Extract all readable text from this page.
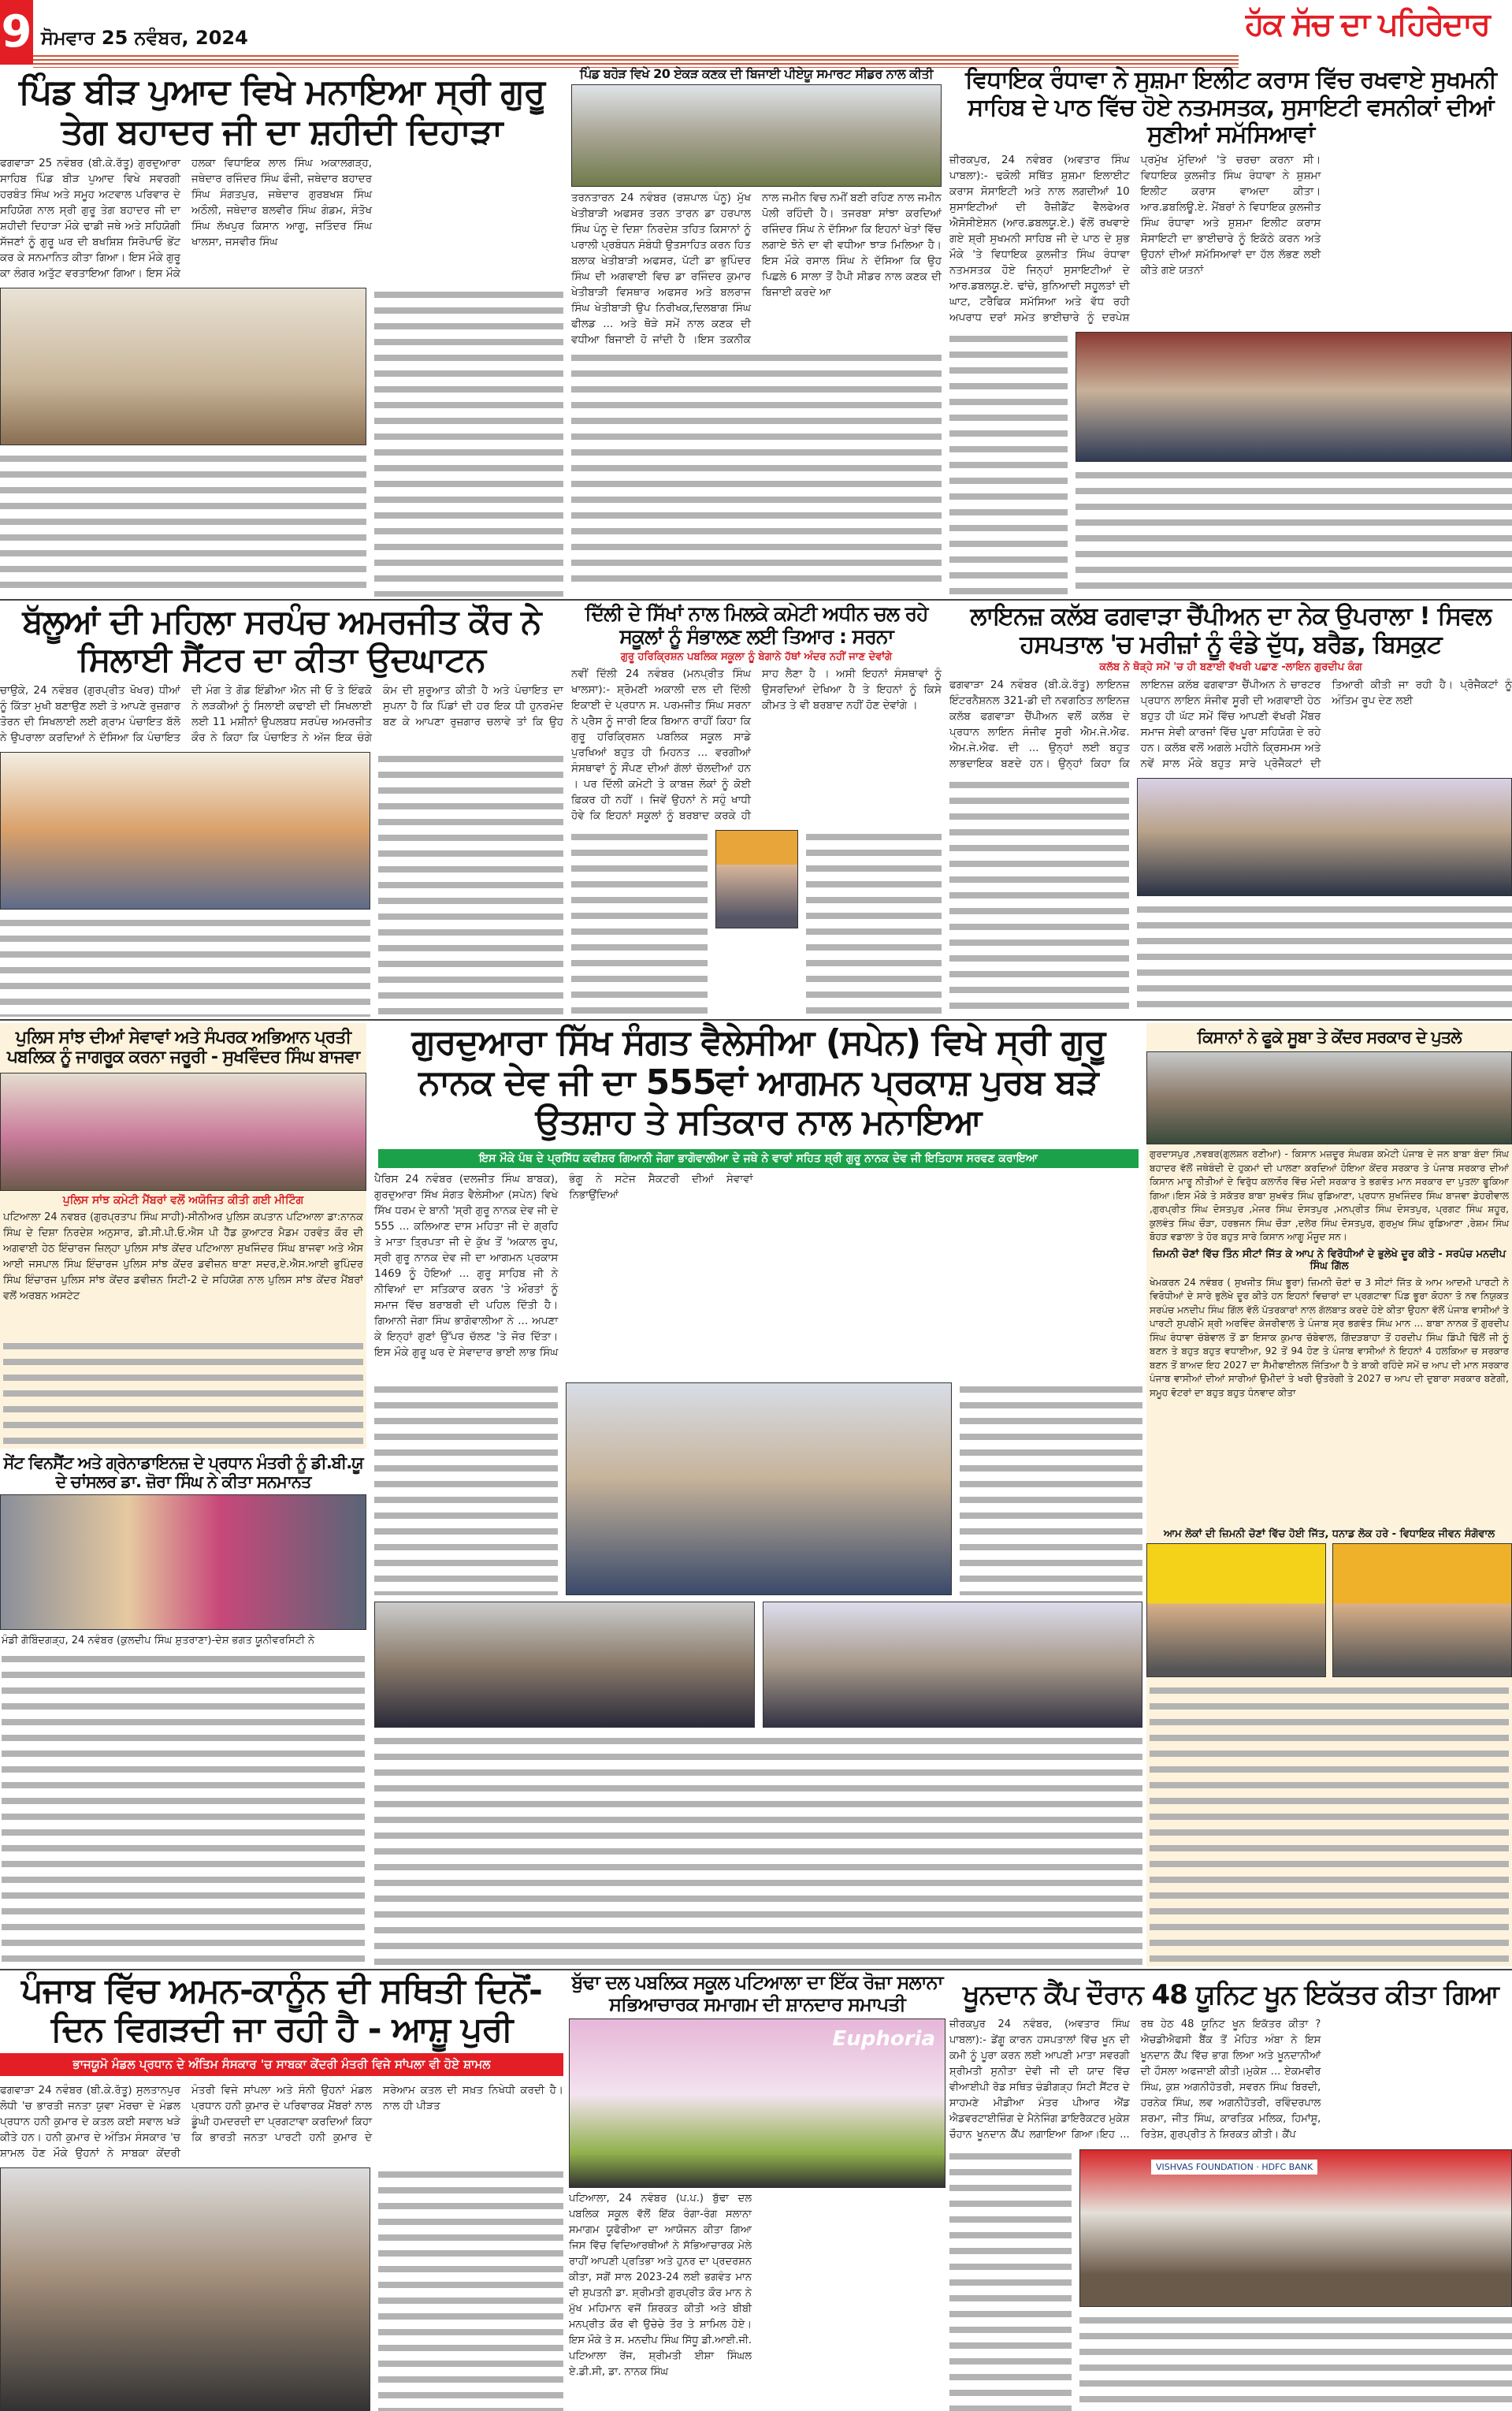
9 ਸੋਮਵਾਰ 25 ਨਵੰਬਰ, 2024	ਹੱਕ ਸੱਚ ਦਾ ਪਹਿਰੇਦਾਰ
ਪਿੰਡ ਬੀੜ ਪੁਆਦ ਵਿਖੇ ਮਨਾਇਆ ਸ੍ਰੀ ਗੁਰੂ ਤੇਗ ਬਹਾਦਰ ਜੀ ਦਾ ਸ਼ਹੀਦੀ ਦਿਹਾੜਾ
ਫਗਵਾੜਾ 25 ਨਵੰਬਰ (ਬੀ.ਕੇ.ਰੱਤੂ) ਗੁਰਦੁਆਰਾ ਸਾਹਿਬ ਪਿੰਡ ਬੀੜ ਪੁਆਦ ਵਿਖੇ ਸਵਰਗੀ ਹਰਬੰਤ ਸਿੰਘ ਅਤੇ ਸਮੂਹ ਅਟਵਾਲ ਪਰਿਵਾਰ ਦੇ ਸਹਿਯੋਗ ਨਾਲ ਸ੍ਰੀ ਗੁਰੂ ਤੇਗ ਬਹਾਦਰ ਜੀ ਦਾ ਸ਼ਹੀਦੀ ਦਿਹਾੜਾ ਮੌਕੇ ਢਾਡੀ ਜਥੇ ਅਤੇ ਸਹਿਯੋਗੀ ਸੱਜਣਾਂ ਨੂੰ ਗੁਰੂ ਘਰ ਦੀ ਬਖਸ਼ਿਸ਼ ਸਿਰੋਪਾਓ ਭੇਂਟ ਕਰ ਕੇ ਸਨਮਾਨਿਤ ਕੀਤਾ ਗਿਆ। ਇਸ ਮੌਕੇ ਗੁਰੂ ਕਾ ਲੰਗਰ ਅਤੁੱਟ ਵਰਤਾਇਆ ਗਿਆ। ਇਸ ਮੌਕੇ ਹਲਕਾ ਵਿਧਾਇਕ ਲਾਲ ਸਿੰਘ ਅਕਾਲਗੜ੍ਹ, ਜਥੇਦਾਰ ਰਜਿੰਦਰ ਸਿੰਘ ਫੌਜੀ, ਜਥੇਦਾਰ ਬਹਾਦਰ ਸਿੰਘ ਸੰਗਤਪੁਰ, ਜਥੇਦਾਰ ਗੁਰਬਖਸ਼ ਸਿੰਘ ਅਠੌਲੀ, ਜਥੇਦਾਰ ਬਲਵੀਰ ਸਿੰਘ ਗੰਡਮ, ਸੰਤੋਖ ਸਿੰਘ ਲੱਖਪੁਰ ਕਿਸਾਨ ਆਗੂ, ਜਤਿੰਦਰ ਸਿੰਘ ਖਾਲਸਾ, ਜਸਵੀਰ ਸਿੰਘ
ਪਿੰਡ ਬਹੋੜ ਵਿਖੇ 20 ਏਕੜ ਕਣਕ ਦੀ ਬਿਜਾਈ ਪੀਏਯੂ ਸਮਾਰਟ ਸੀਡਰ ਨਾਲ ਕੀਤੀ
ਤਰਨਤਾਰਨ 24 ਨਵੰਬਰ (ਰਸ਼ਪਾਲ ਪੰਨੂ) ਮੁੱਖ ਖੇਤੀਬਾੜੀ ਅਫਸਰ ਤਰਨ ਤਾਰਨ ਡਾ ਹਰਪਾਲ ਸਿੰਘ ਪੰਨੂ ਦੇ ਦਿਸ਼ਾ ਨਿਰਦੇਸ਼ ਤਹਿਤ ਕਿਸਾਨਾਂ ਨੂੰ ਪਰਾਲੀ ਪ੍ਰਬੰਧਨ ਸੰਬੰਧੀ ਉਤਸਾਹਿਤ ਕਰਨ ਹਿਤ ਬਲਾਕ ਖੇਤੀਬਾੜੀ ਅਫਸਰ, ਪੱਟੀ ਡਾ ਭੁਪਿੰਦਰ ਸਿੰਘ ਦੀ ਅਗਵਾਈ ਵਿਚ ਡਾ ਰਜਿੰਦਰ ਕੁਮਾਰ ਖੇਤੀਬਾੜੀ ਵਿਸਥਾਰ ਅਫਸਰ ਅਤੇ ਬਲਰਾਜ ਸਿੰਘ ਖੇਤੀਬਾੜੀ ਉਪ ਨਿਰੀਖਕ,ਦਿਲਬਾਗ ਸਿੰਘ ਫੀਲਡ ... ਅਤੇ ਥੋੜੇ ਸਮੇਂ ਨਾਲ ਕਣਕ ਦੀ ਵਧੀਆ ਬਿਜਾਈ ਹੋ ਜਾਂਦੀ ਹੈ ।ਇਸ ਤਕਨੀਕ ਨਾਲ ਜਮੀਨ ਵਿਚ ਨਮੀਂ ਬਣੀ ਰਹਿਣ ਨਾਲ ਜਮੀਨ ਪੋਲੀ ਰਹਿੰਦੀ ਹੈ। ਤਜਰਬਾ ਸਾਂਝਾ ਕਰਦਿਆਂ ਰਜਿੰਦਰ ਸਿੰਘ ਨੇ ਦੱਸਿਆ ਕਿ ਇਹਨਾਂ ਖੇਤਾਂ ਵਿੱਚ ਲਗਾਏ ਝੋਨੇ ਦਾ ਵੀ ਵਧੀਆ ਝਾੜ ਮਿਲਿਆ ਹੈ। ਇਸ ਮੌਕੇ ਰਸਾਲ ਸਿੰਘ ਨੇ ਦੱਸਿਆ ਕਿ ਉਹ ਪਿਛਲੇ 6 ਸਾਲਾ ਤੋਂ ਹੈਪੀ ਸੀਡਰ ਨਾਲ ਕਣਕ ਦੀ ਬਿਜਾਈ ਕਰਦੇ ਆ
ਵਿਧਾਇਕ ਰੰਧਾਵਾ ਨੇ ਸੁਸ਼ਮਾ ਇਲੀਟ ਕਰਾਸ ਵਿੱਚ ਰਖਵਾਏ ਸੁਖਮਨੀ ਸਾਹਿਬ ਦੇ ਪਾਠ ਵਿੱਚ ਹੋਏ ਨਤਮਸਤਕ, ਸੁਸਾਇਟੀ ਵਸਨੀਕਾਂ ਦੀਆਂ ਸੁਣੀਆਂ ਸਮੱਸਿਆਵਾਂ
ਜ਼ੀਰਕਪੁਰ, 24 ਨਵੰਬਰ (ਅਵਤਾਰ ਸਿੰਘ ਪਾਬਲਾ):- ਢਕੋਲੀ ਸਥਿੱਤ ਸ਼ੁਸ਼ਮਾ ਇਲਾਈਟ ਕਰਾਸ ਸੋਸਾਇਟੀ ਅਤੇ ਨਾਲ ਲਗਦੀਆਂ 10 ਸੁਸਾਇਟੀਆਂ ਦੀ ਰੈਜ਼ੀਡੈਂਟ ਵੈਲਫੇਅਰ ਐਸੋਸੀਏਸ਼ਨ (ਆਰ.ਡਬਲਯੂ.ਏ.) ਵੱਲੋਂ ਰਖਵਾਏ ਗਏ ਸ਼੍ਰੀ ਸੁਖਮਨੀ ਸਾਹਿਬ ਜੀ ਦੇ ਪਾਠ ਦੇ ਸ਼ੁਭ ਮੌਕੇ 'ਤੇ ਵਿਧਾਇਕ ਕੁਲਜੀਤ ਸਿੰਘ ਰੰਧਾਵਾ ਨਤਮਸਤਕ ਹੋਏ ਜਿਨ੍ਹਾਂ ਸੁਸਾਇਟੀਆਂ ਦੇ ਆਰ.ਡਬਲਯੂ.ਏ. ਢਾਂਚੇ, ਬੁਨਿਆਦੀ ਸਹੂਲਤਾਂ ਦੀ ਘਾਟ, ਟਰੈਫਿਕ ਸਮੱਸਿਆ ਅਤੇ ਵੱਧ ਰਹੀ ਅਪਰਾਧ ਦਰਾਂ ਸਮੇਤ ਭਾਈਚਾਰੇ ਨੂੰ ਦਰਪੇਸ਼ ਪ੍ਰਮੁੱਖ ਮੁੱਦਿਆਂ 'ਤੇ ਚਰਚਾ ਕਰਨਾ ਸੀ। ਵਿਧਾਇਕ ਕੁਲਜੀਤ ਸਿੰਘ ਰੰਧਾਵਾ ਨੇ ਸ਼ੁਸ਼ਮਾ ਇਲੀਟ ਕਰਾਸ ਵਾਅਦਾ ਕੀਤਾ। ਆਰ.ਡਬਲਿਊ.ਏ. ਮੈਂਬਰਾਂ ਨੇ ਵਿਧਾਇਕ ਕੁਲਜੀਤ ਸਿੰਘ ਰੰਧਾਵਾ ਅਤੇ ਸ਼ੁਸ਼ਮਾ ਇਲੀਟ ਕਰਾਸ ਸੋਸਾਇਟੀ ਦਾ ਭਾਈਚਾਰੇ ਨੂੰ ਇਕੱਠੇ ਕਰਨ ਅਤੇ ਉਹਨਾਂ ਦੀਆਂ ਸਮੱਸਿਆਵਾਂ ਦਾ ਹੱਲ ਲੱਭਣ ਲਈ ਕੀਤੇ ਗਏ ਯਤਨਾਂ
ਬੱਲੂਆਂ ਦੀ ਮਹਿਲਾ ਸਰਪੰਚ ਅਮਰਜੀਤ ਕੌਰ ਨੇ ਸਿਲਾਈ ਸੈਂਟਰ ਦਾ ਕੀਤਾ ਉਦਘਾਟਨ
ਚਾਉਕੇ, 24 ਨਵੰਬਰ (ਗੁਰਪ੍ਰੀਤ ਖੋਖਰ) ਧੀਆਂ ਨੂੰ ਕਿੱਤਾ ਮੁਖੀ ਬਣਾਉਣ ਲਈ ਤੇ ਆਪਣੇ ਰੁਜ਼ਗਾਰ ਤੋਰਨ ਦੀ ਸਿਖਲਾਈ ਲਈ ਗ੍ਰਾਮ ਪੰਚਾਇਤ ਬੱਲੋ ਨੇ ਉਪਰਾਲਾ ਕਰਦਿਆਂ ਨੇ ਦੱਸਿਆ ਕਿ ਪੰਚਾਇਤ ਦੀ ਮੰਗ ਤੇ ਗੋਡ ਇੰਡੀਆ ਐਨ ਜੀ ਓ ਤੇ ਇੰਫਕੋ ਨੇ ਲੜਕੀਆਂ ਨੂੰ ਸਿਲਾਈ ਕਢਾਈ ਦੀ ਸਿਖਲਾਈ ਲਈ 11 ਮਸ਼ੀਨਾਂ ਉਪਲਬਧ ਸਰਪੰਚ ਅਮਰਜੀਤ ਕੌਰ ਨੇ ਕਿਹਾ ਕਿ ਪੰਚਾਇਤ ਨੇ ਅੱਜ ਇਕ ਚੰਗੇ ਕੰਮ ਦੀ ਸ਼ੁਰੂਆਤ ਕੀਤੀ ਹੈ ਅਤੇ ਪੰਚਾਇਤ ਦਾ ਸੁਪਨਾ ਹੈ ਕਿ ਪਿੰਡਾਂ ਦੀ ਹਰ ਇਕ ਧੀ ਹੁਨਰਮੰਦ ਬਣ ਕੇ ਆਪਣਾ ਰੁਜ਼ਗਾਰ ਚਲਾਵੇ ਤਾਂ ਕਿ ਉਹ
ਦਿੱਲੀ ਦੇ ਸਿੱਖਾਂ ਨਾਲ ਮਿਲਕੇ ਕਮੇਟੀ ਅਧੀਨ ਚਲ ਰਹੇ ਸਕੂਲਾਂ ਨੂੰ ਸੰਭਾਲਣ ਲਈ ਤਿਆਰ : ਸਰਨਾ
ਗੁਰੂ ਹਰਿਕ੍ਰਿਸ਼ਨ ਪਬਲਿਕ ਸਕੂਲਾ ਨੂੰ ਬੇਗਾਨੇ ਹੱਥਾਂ ਅੰਦਰ ਨਹੀਂ ਜਾਣ ਦੇਵਾਂਗੇ
ਨਵੀਂ ਦਿੱਲੀ 24 ਨਵੰਬਰ (ਮਨਪ੍ਰੀਤ ਸਿੰਘ ਖਾਲਸਾ):- ਸ਼੍ਰੋਮਣੀ ਅਕਾਲੀ ਦਲ ਦੀ ਦਿੱਲੀ ਇਕਾਈ ਦੇ ਪ੍ਰਧਾਨ ਸ. ਪਰਮਜੀਤ ਸਿੰਘ ਸਰਨਾ ਨੇ ਪ੍ਰੈਸ ਨੂੰ ਜਾਰੀ ਇਕ ਬਿਆਨ ਰਾਹੀਂ ਕਿਹਾ ਕਿ ਗੁਰੂ ਹਰਿਕ੍ਰਿਸ਼ਨ ਪਬਲਿਕ ਸਕੂਲ ਸਾਡੇ ਪੁਰਖਿਆਂ ਬਹੁਤ ਹੀ ਮਿਹਨਤ ... ਵਰਗੀਆਂ ਸੰਸਥਾਵਾਂ ਨੂੰ ਸੌਂਪਣ ਦੀਆਂ ਗੱਲਾਂ ਚੱਲਦੀਆਂ ਹਨ । ਪਰ ਦਿੱਲੀ ਕਮੇਟੀ ਤੇ ਕਾਬਜ਼ ਲੋਕਾਂ ਨੂੰ ਕੋਈ ਫ਼ਿਕਰ ਹੀ ਨਹੀਂ । ਜਿਵੇਂ ਉਹਨਾਂ ਨੇ ਸਹੁੰ ਖਾਧੀ ਹੋਵੇ ਕਿ ਇਹਨਾਂ ਸਕੂਲਾਂ ਨੂੰ ਬਰਬਾਦ ਕਰਕੇ ਹੀ ਸਾਹ ਲੈਣਾ ਹੈ । ਅਸੀ ਇਹਨਾਂ ਸੰਸਥਾਵਾਂ ਨੂੰ ਉਸਰਦਿਆਂ ਦੇਖਿਆ ਹੈ ਤੇ ਇਹਨਾਂ ਨੂੰ ਕਿਸੇ ਕੀਮਤ ਤੇ ਵੀ ਬਰਬਾਦ ਨਹੀਂ ਹੋਣ ਦੇਵਾਂਗੇ ।
ਲਾਇਨਜ਼ ਕਲੱਬ ਫਗਵਾੜਾ ਚੈਂਪੀਅਨ ਦਾ ਨੇਕ ਉਪਰਾਲਾ ! ਸਿਵਲ ਹਸਪਤਾਲ 'ਚ ਮਰੀਜ਼ਾਂ ਨੂੰ ਵੰਡੇ ਦੁੱਧ, ਬਰੈਡ, ਬਿਸਕੁਟ
ਕਲੱਬ ਨੇ ਥੋੜ੍ਹੇ ਸਮੇਂ 'ਚ ਹੀ ਬਣਾਈ ਵੱਖਰੀ ਪਛਾਣ -ਲਾਇਨ ਗੁਰਦੀਪ ਕੰਗ
ਫਗਵਾੜਾ 24 ਨਵੰਬਰ (ਬੀ.ਕੇ.ਰੱਤੂ) ਲਾਇਨਜ਼ ਇੰਟਰਨੈਸ਼ਨਲ 321-ਡੀ ਦੀ ਨਵਗਠਿਤ ਲਾਇਨਜ਼ ਕਲੱਬ ਫਗਵਾੜਾ ਚੈਂਪੀਅਨ ਵਲੋਂ ਕਲੱਬ ਦੇ ਪ੍ਰਧਾਨ ਲਾਇਨ ਸੰਜੀਵ ਸੂਰੀ ਐਮ.ਜੇ.ਐਫ. ਐਮ.ਜੇ.ਐਫ. ਦੀ ... ਉਨ੍ਹਾਂ ਲਈ ਬਹੁਤ ਲਾਭਦਾਇਕ ਬਣਦੇ ਹਨ। ਉਨ੍ਹਾਂ ਕਿਹਾ ਕਿ ਲਾਇਨਜ਼ ਕਲੱਬ ਫਗਵਾੜਾ ਚੈਂਪੀਅਨ ਨੇ ਚਾਰਟਰ ਪ੍ਰਧਾਨ ਲਾਇਨ ਸੰਜੀਵ ਸੂਰੀ ਦੀ ਅਗਵਾਈ ਹੇਠ ਬਹੁਤ ਹੀ ਘੱਟ ਸਮੇਂ ਵਿੱਚ ਆਪਣੀ ਵੱਖਰੀ ਮੈਂਬਰ ਸਮਾਜ ਸੇਵੀ ਕਾਰਜਾਂ ਵਿੱਚ ਪੂਰਾ ਸਹਿਯੋਗ ਦੇ ਰਹੇ ਹਨ। ਕਲੱਬ ਵਲੋਂ ਅਗਲੇ ਮਹੀਨੇ ਕ੍ਰਿਸਮਸ ਅਤੇ ਨਵੇਂ ਸਾਲ ਮੌਕੇ ਬਹੁਤ ਸਾਰੇ ਪ੍ਰੋਜੈਕਟਾਂ ਦੀ ਤਿਆਰੀ ਕੀਤੀ ਜਾ ਰਹੀ ਹੈ। ਪ੍ਰੋਜੈਕਟਾਂ ਨੂੰ ਅੰਤਿਮ ਰੂਪ ਦੇਣ ਲਈ
ਪੁਲਿਸ ਸਾਂਝ ਦੀਆਂ ਸੇਵਾਵਾਂ ਅਤੇ ਸੰਪਰਕ ਅਭਿਆਨ ਪ੍ਰਤੀ ਪਬਲਿਕ ਨੂੰ ਜਾਗਰੂਕ ਕਰਨਾ ਜਰੂਰੀ - ਸੁਖਵਿੰਦਰ ਸਿੰਘ ਬਾਜਵਾ
ਪੁਲਿਸ ਸਾਂਝ ਕਮੇਟੀ ਮੈਂਬਰਾਂ ਵਲੋਂ ਅਯੋਜਿਤ ਕੀਤੀ ਗਈ ਮੀਟਿੰਗ
ਪਟਿਆਲਾ 24 ਨਵਬਰ (ਗੁਰਪ੍ਰਤਾਪ ਸਿੰਘ ਸਾਹੀ)-ਸੀਨੀਅਰ ਪੁਲਿਸ ਕਪਤਾਨ ਪਟਿਆਲਾ ਡਾ:ਨਾਨਕ ਸਿੰਘ ਦੇ ਦਿਸ਼ਾ ਨਿਰਦੇਸ਼ ਅਨੁਸਾਰ, ਡੀ.ਸੀ.ਪੀ.ਓ.ਐਸ ਪੀ ਹੈੱਡ ਕੁਆਟਰ ਮੈਡਮ ਹਰਵੰਤ ਕੌਰ ਦੀ ਅਗਵਾਈ ਹੇਠ ਇੰਚਾਰਜ ਜ਼ਿਲ੍ਹਾ ਪੁਲਿਸ ਸਾਂਝ ਕੇਂਦਰ ਪਟਿਆਲਾ ਸੁਖਜਿੰਦਰ ਸਿੰਘ ਬਾਜਵਾ ਅਤੇ ਐਸ ਆਈ ਜਸਪਾਲ ਸਿੰਘ ਇੰਚਾਰਜ ਪੁਲਿਸ ਸਾਂਝ ਕੇਂਦਰ ਡਵੀਜ਼ਨ ਥਾਣਾ ਸਦਰ,ਏ.ਐਸ.ਆਈ ਭੁਪਿੰਦਰ ਸਿੰਘ ਇੰਚਾਰਜ ਪੁਲਿਸ ਸਾਂਝ ਕੇਂਦਰ ਡਵੀਜ਼ਨ ਸਿਟੀ-2 ਦੇ ਸਹਿਯੋਗ ਨਾਲ ਪੁਲਿਸ ਸਾਂਝ ਕੇਂਦਰ ਮੈਂਬਰਾਂ ਵਲੋਂ ਅਰਬਨ ਅਸਟੇਟ
ਸੇਂਟ ਵਿਨਸੈਂਟ ਅਤੇ ਗ੍ਰੇਨਾਡਾਇਨਜ਼ ਦੇ ਪ੍ਰਧਾਨ ਮੰਤਰੀ ਨੂੰ ਡੀ.ਬੀ.ਯੂ ਦੇ ਚਾਂਸਲਰ ਡਾ. ਜ਼ੋਰਾ ਸਿੰਘ ਨੇ ਕੀਤਾ ਸਨਮਾਨਤ
ਮੰਡੀ ਗੋਬਿੰਦਗੜ੍ਹ, 24 ਨਵੰਬਰ (ਕੁਲਦੀਪ ਸਿੰਘ ਸ਼ੁਤਰਾਣਾ)-ਦੇਸ਼ ਭਗਤ ਯੂਨੀਵਰਸਿਟੀ ਨੇ
ਗੁਰਦੁਆਰਾ ਸਿੱਖ ਸੰਗਤ ਵੈਲੇਸੀਆ (ਸਪੇਨ) ਵਿਖੇ ਸ੍ਰੀ ਗੁਰੂ ਨਾਨਕ ਦੇਵ ਜੀ ਦਾ 555ਵਾਂ ਆਗਮਨ ਪ੍ਰਕਾਸ਼ ਪੁਰਬ ਬੜੇ ਉਤਸ਼ਾਹ ਤੇ ਸਤਿਕਾਰ ਨਾਲ ਮਨਾਇਆ
ਇਸ ਮੌਕੇ ਪੰਥ ਦੇ ਪ੍ਰਸਿੱਧ ਕਵੀਸ਼ਰ ਗਿਆਨੀ ਜੋਗਾ ਭਾਗੋਵਾਲੀਆ ਦੇ ਜਥੇ ਨੇ ਵਾਰਾਂ ਸਹਿਤ ਸ਼੍ਰੀ ਗੁਰੂ ਨਾਨਕ ਦੇਵ ਜੀ ਇਤਿਹਾਸ ਸਰਵਣ ਕਰਾਇਆ
ਪੈਰਿਸ 24 ਨਵੰਬਰ (ਦਲਜੀਤ ਸਿੰਘ ਬਾਬਕ), ਗੁਰਦੁਆਰਾ ਸਿੱਖ ਸੰਗਤ ਵੈਲੇਸੀਆ (ਸਪੇਨ) ਵਿਖੇ ਸਿੱਖ ਧਰਮ ਦੇ ਬਾਨੀ 'ਸ੍ਰੀ ਗੁਰੂ ਨਾਨਕ ਦੇਵ ਜੀ ਦੇ 555 ... ਕਲਿਆਣ ਦਾਸ ਮਹਿਤਾ ਜੀ ਦੇ ਗ੍ਰਹਿ ਤੇ ਮਾਤਾ ਤ੍ਰਿਪਤਾ ਜੀ ਦੇ ਕੁੱਖ ਤੋਂ 'ਅਕਾਲ ਰੂਪ, ਸ੍ਰੀ ਗੁਰੂ ਨਾਨਕ ਦੇਵ ਜੀ ਦਾ ਆਗਮਨ ਪ੍ਰਕਾਸ 1469 ਨੂੰ ਹੋਇਆਂ ... ਗੁਰੂ ਸਾਹਿਬ ਜੀ ਨੇ ਨੀਵਿਆਂ ਦਾ ਸਤਿਕਾਰ ਕਰਨ 'ਤੇ ਔਰਤਾਂ ਨੂੰ ਸਮਾਜ ਵਿੱਚ ਬਰਾਬਰੀ ਦੀ ਪਹਿਲ ਦਿੱਤੀ ਹੈ। ਗਿਆਨੀ ਜੋਗਾ ਸਿੰਘ ਭਾਗੋਵਾਲੀਆ ਨੇ ... ਅਪਣਾ ਕੇ ਇਨ੍ਹਾਂ ਗੁਣਾਂ ਉੱਪਰ ਚੱਲਣ 'ਤੇ ਜੋਰ ਦਿੱਤਾ। ਇਸ ਮੌਕੇ ਗੁਰੂ ਘਰ ਦੇ ਸੇਵਾਦਾਰ ਭਾਈ ਲਾਭ ਸਿੰਘ ਭੰਗੂ ਨੇ ਸਟੇਜ ਸੈਕਟਰੀ ਦੀਆਂ ਸੇਵਾਵਾਂ ਨਿਭਾਉਂਦਿਆਂ
ਕਿਸਾਨਾਂ ਨੇ ਫੂਕੇ ਸੂਬਾ ਤੇ ਕੇਂਦਰ ਸਰਕਾਰ ਦੇ ਪੁਤਲੇ
ਗੁਰਦਾਸਪੁਰ ,ਨਵਬਰ(ਗੁਲਸ਼ਨ ਰਣੀਆ) - ਕਿਸਾਨ ਮਜ਼ਦੂਰ ਸੰਘਰਸ਼ ਕਮੇਟੀ ਪੰਜਾਬ ਦੇ ਜਨ ਬਾਬਾ ਬੰਦਾ ਸਿੰਘ ਬਹਾਦਰ ਵੱਲੋਂ ਜਥੇਬੰਦੀ ਦੇ ਹੁਕਮਾਂ ਦੀ ਪਾਲਣਾ ਕਰਦਿਆਂ ਹੋਇਆ ਕੇਂਦਰ ਸਰਕਾਰ ਤੇ ਪੰਜਾਬ ਸਰਕਾਰ ਦੀਆਂ ਕਿਸਾਨ ਮਾਰੂ ਨੀਤੀਆਂ ਦੇ ਵਿਰੁੱਧ ਕਲਾਨੌਰ ਵਿੱਚ ਮੋਦੀ ਸਰਕਾਰ ਤੇ ਭਗਵੰਤ ਮਾਨ ਸਰਕਾਰ ਦਾ ਪੁਤਲਾ ਫੂਕਿਆ ਗਿਆ।ਇਸ ਮੌਕੇ ਤੇ ਸਕੱਤਰ ਬਾਬਾ ਸੁਖਵੰਤ ਸਿੰਘ ਰੁਡਿਆਣਾ, ਪ੍ਰਧਾਨ ਸੁਖਜਿੰਦਰ ਸਿੰਘ ਬਾਜਵਾ ਡੇਹਰੀਵਾਲ ,ਗੁਰਪ੍ਰੀਤ ਸਿੰਘ ਦੋਸਤਪੁਰ ,ਮੇਜਰ ਸਿੰਘ ਦੋਸਤਪੁਰ ,ਮਨਪ੍ਰੀਤ ਸਿੰਘ ਦੋਸਤਪੁਰ, ਪ੍ਰਗਟ ਸਿੰਘ ਸ਼ਹੂਰ, ਕੁਲਵੰਤ ਸਿੰਘ ਚੌੜਾ, ਹਰਭਜਨ ਸਿੰਘ ਚੌੜਾ ,ਦਲੇਰ ਸਿੰਘ ਦੋਸਤਪੁਰ, ਗੁਰਮੁਖ ਸਿੰਘ ਰੁਡਿਆਣਾ ,ਰੇਸ਼ਮ ਸਿੰਘ ਬੋਹੜ ਵਡਾਲਾ ਤੇ ਹੋਰ ਬਹੁਤ ਸਾਰੇ ਕਿਸਾਨ ਆਗੂ ਮੌਜੂਦ ਸਨ।
ਜ਼ਿਮਨੀ ਚੋਣਾਂ ਵਿੱਚ ਤਿੰਨ ਸੀਟਾਂ ਜਿੱਤ ਕੇ ਆਪ ਨੇ ਵਿਰੋਧੀਆਂ ਦੇ ਭੁਲੇਖੇ ਦੂਰ ਕੀਤੇ - ਸਰਪੰਚ ਮਨਦੀਪ ਸਿੰਘ ਗਿੱਲ
ਖੇਮਕਰਨ 24 ਨਵੰਬਰ ( ਸੁਖਜੀਤ ਸਿੰਘ ਭੂਰਾ) ਜ਼ਿਮਨੀ ਚੋਣਾਂ ਚ 3 ਸੀਟਾਂ ਜਿੱਤ ਕੇ ਆਮ ਆਦਮੀ ਪਾਰਟੀ ਨੇ ਵਿਰੋਧੀਆਂ ਦੇ ਸਾਰੇ ਭੁਲੇਖੇ ਦੂਰ ਕੀਤੇ ਹਨ ਇਹਨਾਂ ਵਿਚਾਰਾਂ ਦਾ ਪ੍ਰਗਟਾਵਾ ਪਿੰਡ ਭੂਰਾ ਕੋਹਨਾ ਤੋ ਨਵ ਨਿਯੁਕਤ ਸਰਪੰਚ ਮਨਦੀਪ ਸਿੰਘ ਗਿੱਲ ਵੱਲੋ ਪੱਤਰਕਾਰਾਂ ਨਾਲ ਗੱਲਬਾਤ ਕਰਦੇ ਹੋਏ ਕੀਤਾ ਉਹਨਾ ਵੱਲੋਂ ਪੰਜਾਬ ਵਾਸੀਆਂ ਤੇ ਪਾਰਟੀ ਸੁਪਰੀਮੋ ਸ਼੍ਰੀ ਅਰਵਿੰਦ ਕੇਜਰੀਵਾਲ ਤੇ ਪੰਜਾਬ ਸ੍ਰ ਭਗਵੰਤ ਸਿੰਘ ਮਾਨ ... ਬਾਬਾ ਨਾਨਕ ਤੋਂ ਗੁਰਦੀਪ ਸਿੰਘ ਰੰਧਾਵਾ ਚੱਬੇਵਾਲ ਤੋਂ ਡਾ ਇਸਾਕ ਕੁਮਾਰ ਚੱਬੇਵਾਲ, ਗਿੱਦੜਬਾਹਾ ਤੋਂ ਹਰਦੀਪ ਸਿੰਘ ਡਿੰਪੀ ਢਿੱਲੋਂ ਜੀ ਨੂੰ ਬਣਨ ਤੇ ਬਹੁਤ ਬਹੁਤ ਵਧਾਈਆ, 92 ਤੋਂ 94 ਹੋਣ ਤੇ ਪੰਜਾਬ ਵਾਸੀਆਂ ਨੇ ਇਹਨਾਂ 4 ਹਲਕਿਆ ਚ ਸਰਕਾਰ ਬਣਨ ਤੋਂ ਬਾਅਦ ਇਹ 2027 ਦਾ ਸੈਮੀਫਾਈਨਲ ਜਿੱਤਿਆ ਹੈ ਤੇ ਬਾਕੀ ਰਹਿੰਦੇ ਸਮੇਂ ਚ ਆਪ ਦੀ ਮਾਨ ਸਰਕਾਰ ਪੰਜਾਬ ਵਾਸੀਆਂ ਦੀਆਂ ਸਾਰੀਆਂ ਉਮੀਦਾਂ ਤੇ ਖਰੀ ਉਤਰੇਗੀ ਤੇ 2027 ਚ ਆਪ ਦੀ ਦੁਬਾਰਾ ਸਰਕਾਰ ਬਣੇਗੀ, ਸਮੂਹ ਵੋਟਰਾਂ ਦਾ ਬਹੁਤ ਬਹੁਤ ਧੰਨਵਾਦ ਕੀਤਾ
ਆਮ ਲੋਕਾਂ ਦੀ ਜ਼ਿਮਨੀ ਚੋਣਾਂ ਵਿੱਚ ਹੋਈ ਜਿੱਤ, ਧਨਾਡ ਲੋਕ ਹਰੇ - ਵਿਧਾਇਕ ਜੀਵਨ ਸੰਗੋਵਾਲ
ਪੰਜਾਬ ਵਿੱਚ ਅਮਨ-ਕਾਨੂੰਨ ਦੀ ਸਥਿਤੀ ਦਿਨੋਂ-ਦਿਨ ਵਿਗੜਦੀ ਜਾ ਰਹੀ ਹੈ - ਆਸ਼ੂ ਪੁਰੀ
ਭਾਜਯੂਮੋ ਮੰਡਲ ਪ੍ਰਧਾਨ ਦੇ ਅੰਤਿਮ ਸੰਸਕਾਰ 'ਚ ਸਾਬਕਾ ਕੇਂਦਰੀ ਮੰਤਰੀ ਵਿਜੇ ਸਾਂਪਲਾ ਵੀ ਹੋਏ ਸ਼ਾਮਲ
ਫਗਵਾੜਾ 24 ਨਵੰਬਰ (ਬੀ.ਕੇ.ਰੱਤੂ) ਸੁਲਤਾਨਪੁਰ ਲੋਧੀ 'ਚ ਭਾਰਤੀ ਜਨਤਾ ਯੁਵਾ ਮੋਰਚਾ ਦੇ ਮੰਡਲ ਪ੍ਰਧਾਨ ਹਨੀ ਕੁਮਾਰ ਦੇ ਕਤਲ ਕਈ ਸਵਾਲ ਖੜੇ ਕੀਤੇ ਹਨ। ਹਨੀ ਕੁਮਾਰ ਦੇ ਅੰਤਿਮ ਸੰਸਕਾਰ 'ਚ ਸ਼ਾਮਲ ਹੋਣ ਮੌਕੇ ਉਹਨਾਂ ਨੇ ਸਾਬਕਾ ਕੇਂਦਰੀ ਮੰਤਰੀ ਵਿਜੇ ਸਾਂਪਲਾ ਅਤੇ ਸੰਨੀ ਉਹਨਾਂ ਮੰਡਲ ਪ੍ਰਧਾਨ ਹਨੀ ਕੁਮਾਰ ਦੇ ਪਰਿਵਾਰਕ ਮੈਂਬਰਾਂ ਨਾਲ ਡੂੰਘੀ ਹਮਦਰਦੀ ਦਾ ਪ੍ਰਗਟਾਵਾ ਕਰਦਿਆਂ ਕਿਹਾ ਕਿ ਭਾਰਤੀ ਜਨਤਾ ਪਾਰਟੀ ਹਨੀ ਕੁਮਾਰ ਦੇ ਸਰੇਆਮ ਕਤਲ ਦੀ ਸਖ਼ਤ ਨਿਖੇਧੀ ਕਰਦੀ ਹੈ। ਨਾਲ ਹੀ ਪੀੜਤ
ਬੁੱਢਾ ਦਲ ਪਬਲਿਕ ਸਕੂਲ ਪਟਿਆਲਾ ਦਾ ਇੱਕ ਰੋਜ਼ਾ ਸਲਾਨਾ ਸਭਿਆਚਾਰਕ ਸਮਾਗਮ ਦੀ ਸ਼ਾਨਦਾਰ ਸਮਾਪਤੀ
Euphoria
ਪਟਿਆਲਾ, 24 ਨਵੰਬਰ (ਪ.ਪ.) ਬੁੱਢਾ ਦਲ ਪਬਲਿਕ ਸਕੂਲ ਵੱਲੋਂ ਇੱਕ ਰੰਗਾ-ਰੰਗ ਸਲਾਨਾ ਸਮਾਗਮ ਯੂਫੋਰੀਆ ਦਾ ਆਯੋਜਨ ਕੀਤਾ ਗਿਆ ਜਿਸ ਵਿੱਚ ਵਿਦਿਆਰਥੀਆਂ ਨੇ ਸੱਭਿਆਚਾਰਕ ਮੇਲੇ ਰਾਹੀਂ ਆਪਣੀ ਪ੍ਰਤਿਭਾ ਅਤੇ ਹੁਨਰ ਦਾ ਪ੍ਰਦਰਸ਼ਨ ਕੀਤਾ, ਸਗੋਂ ਸਾਲ 2023-24 ਲਈ ਭਗਵੰਤ ਮਾਨ ਦੀ ਸੁਪਤਨੀ ਡਾ. ਸ਼੍ਰੀਮਤੀ ਗੁਰਪ੍ਰੀਤ ਕੌਰ ਮਾਨ ਨੇ ਮੁੱਖ ਮਹਿਮਾਨ ਵਜੋਂ ਸ਼ਿਰਕਤ ਕੀਤੀ ਅਤੇ ਬੀਬੀ ਮਨਪ੍ਰੀਤ ਕੌਰ ਵੀ ਉਚੇਚੇ ਤੌਰ ਤੇ ਸ਼ਾਮਿਲ ਹੋਏ। ਇਸ ਮੌਕੇ ਤੇ ਸ. ਮਨਦੀਪ ਸਿੰਘ ਸਿੱਧੂ ਡੀ.ਆਈ.ਜੀ. ਪਟਿਆਲਾ ਰੇਂਜ, ਸ਼੍ਰੀਮਤੀ ਈਸ਼ਾ ਸਿੰਘਲ ਏ.ਡੀ.ਸੀ, ਡਾ. ਨਾਨਕ ਸਿੰਘ
ਖੂਨਦਾਨ ਕੈਂਪ ਦੌਰਾਨ 48 ਯੂਨਿਟ ਖੂਨ ਇਕੱਤਰ ਕੀਤਾ ਗਿਆ
ਜ਼ੀਰਕਪੁਰ 24 ਨਵੰਬਰ, (ਅਵਤਾਰ ਸਿੰਘ ਪਾਬਲਾ):- ਡੇਂਗੂ ਕਾਰਨ ਹਸਪਤਾਲਾਂ ਵਿੱਚ ਖੂਨ ਦੀ ਕਮੀ ਨੂੰ ਪੂਰਾ ਕਰਨ ਲਈ ਆਪਣੀ ਮਾਤਾ ਸਵਰਗੀ ਸ਼੍ਰੀਮਤੀ ਸੁਨੀਤਾ ਦੇਵੀ ਜੀ ਦੀ ਯਾਦ ਵਿੱਚ ਵੀਆਈਪੀ ਰੋਡ ਸਥਿਤ ਚੰਡੀਗੜ੍ਹ ਸਿਟੀ ਸੈਂਟਰ ਦੇ ਸਾਹਮਣੇ ਮੀਡੀਆ ਮੰਤਰ ਪੀਆਰ ਐਂਡ ਐਡਵਰਟਾਈਜ਼ਿੰਗ ਦੇ ਮੈਨੇਜਿੰਗ ਡਾਇਰੈਕਟਰ ਮੁਕੇਸ਼ ਚੌਹਾਨ ਖੂਨਦਾਨ ਕੈਂਪ ਲਗਾਇਆ ਗਿਆ।ਇਹ ... ਰਥ ਹੇਠ 48 ਯੂਨਿਟ ਖੂਨ ਇਕੱਤਰ ਕੀਤਾ ? ਐਚਡੀਐਫਸੀ ਬੈਂਕ ਤੋਂ ਮੋਹਿਤ ਅੰਬਾ ਨੇ ਇਸ ਖੂਨਦਾਨ ਕੈਂਪ ਵਿੱਚ ਭਾਗ ਲਿਆ ਅਤੇ ਖੂਨਦਾਨੀਆਂ ਦੀ ਹੌਸਲਾ ਅਫਜਾਈ ਕੀਤੀ।ਮੁਕੇਸ਼ ... ਏਕਮਵੀਰ ਸਿੰਘ, ਕੁਸ਼ ਅਗਨੀਹੋਤਰੀ, ਸਵਰਨ ਸਿੰਘ ਬਿਰਦੀ, ਹਰਨੇਕ ਸਿੰਘ, ਲਵ ਅਗਨੀਹੋਤਰੀ, ਰਵਿੰਦਰਪਾਲ ਸ਼ਰਮਾ, ਜੀਤ ਸਿੰਘ, ਕਾਰਤਿਕ ਮਲਿਕ, ਹਿਮਾਂਸ਼ੂ, ਰਿਤੇਸ਼, ਗੁਰਪ੍ਰੀਤ ਨੇ ਸ਼ਿਰਕਤ ਕੀਤੀ। ਕੈਂਪ
VISHVAS FOUNDATION · HDFC BANK
